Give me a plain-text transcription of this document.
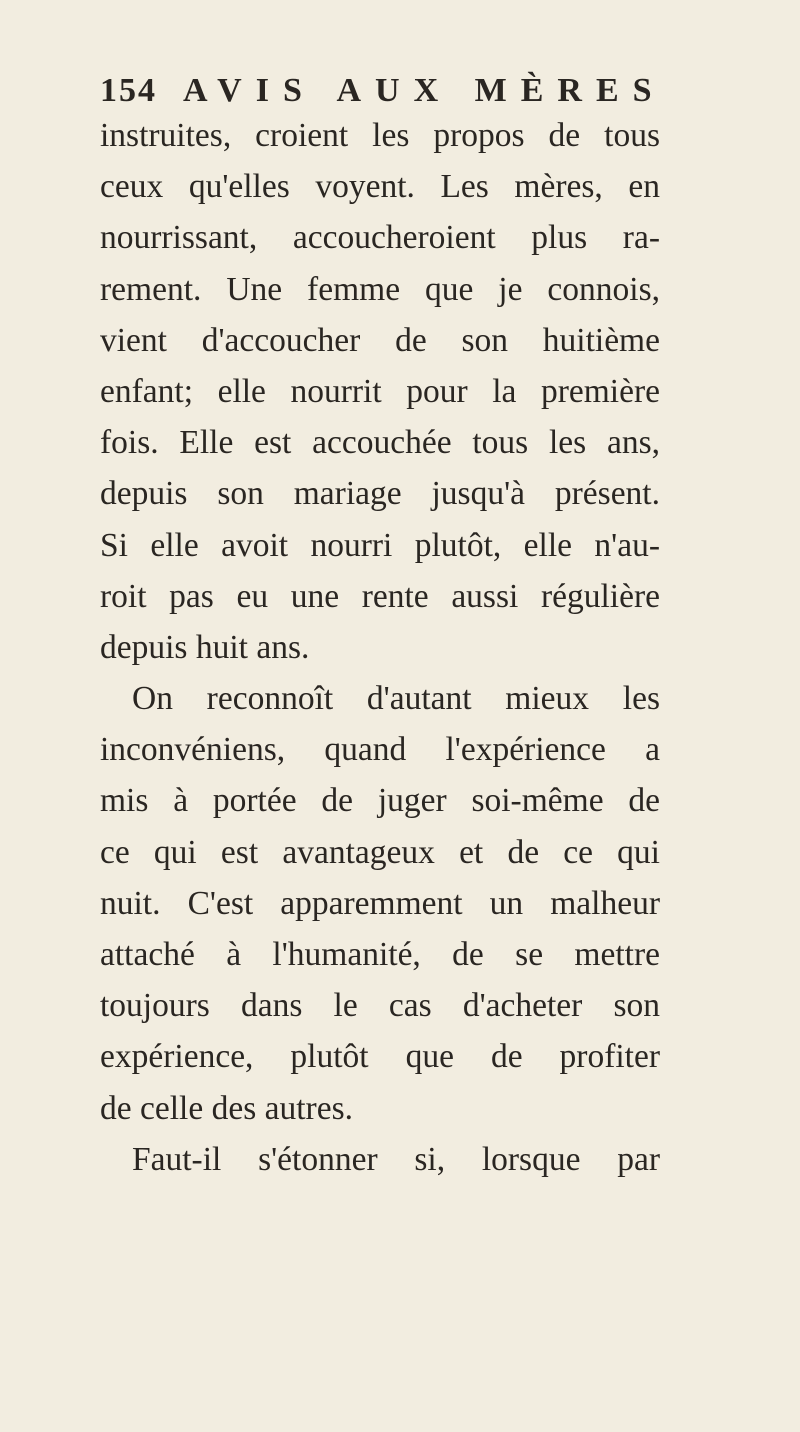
154 AVIS AUX MÈRES
instruites, croient les propos de tous
ceux qu'elles voyent. Les mères, en
nourrissant, accoucheroient plus ra-
rement. Une femme que je connois,
vient d'accoucher de son huitième
enfant; elle nourrit pour la première
fois. Elle est accouchée tous les ans,
depuis son mariage jusqu'à présent.
Si elle avoit nourri plutôt, elle n'au-
roit pas eu une rente aussi régulière
depuis huit ans.
On reconnoît d'autant mieux les
inconvéniens, quand l'expérience a
mis à portée de juger soi-même de
ce qui est avantageux et de ce qui
nuit. C'est apparemment un malheur
attaché à l'humanité, de se mettre
toujours dans le cas d'acheter son
expérience, plutôt que de profiter
de celle des autres.
Faut-il s'étonner si, lorsque par
